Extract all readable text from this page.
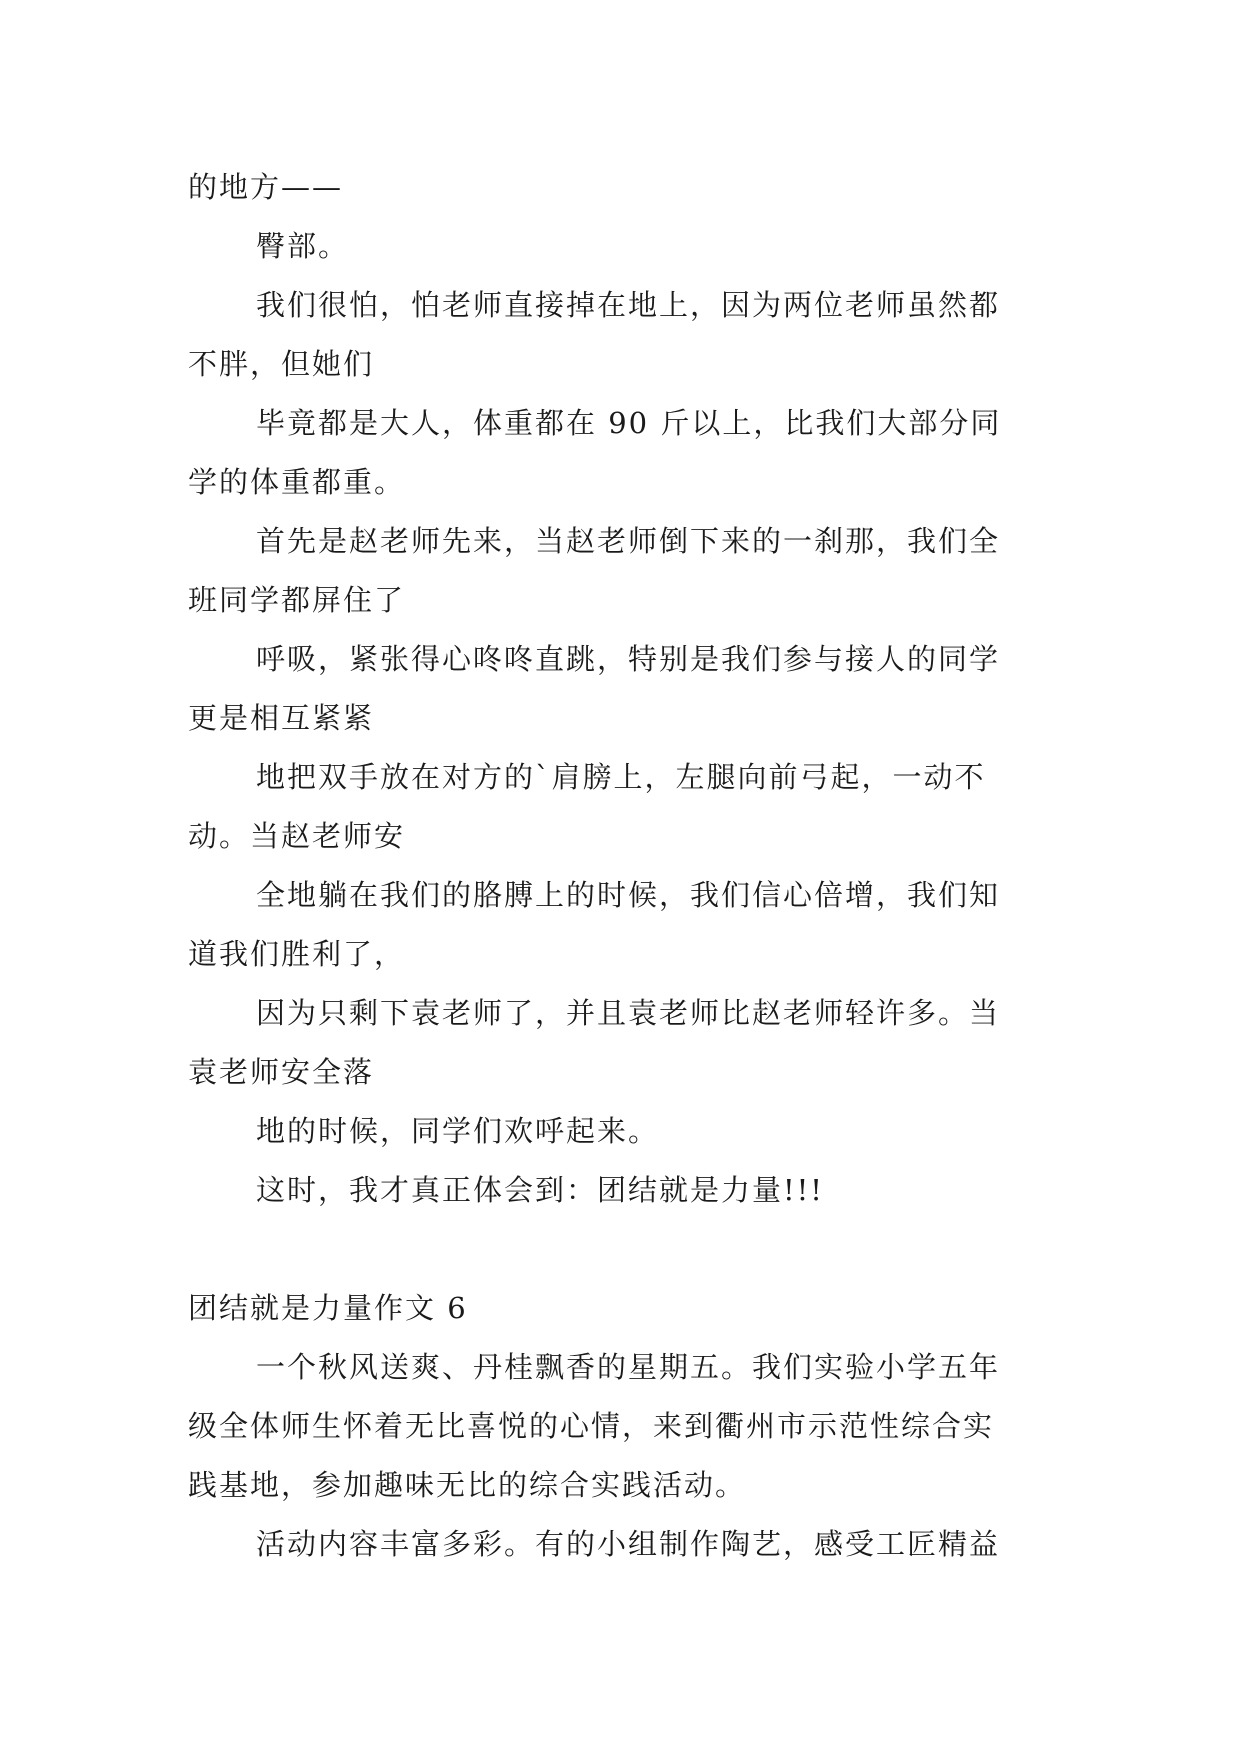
的地方——
臀部。
我们很怕，怕老师直接掉在地上，因为两位老师虽然都
不胖，但她们
毕竟都是大人，体重都在 90 斤以上，比我们大部分同
学的体重都重。
首先是赵老师先来，当赵老师倒下来的一刹那，我们全
班同学都屏住了
呼吸，紧张得心咚咚直跳，特别是我们参与接人的同学
更是相互紧紧
地把双手放在对方的`肩膀上，左腿向前弓起，一动不
动。当赵老师安
全地躺在我们的胳膊上的时候，我们信心倍增，我们知
道我们胜利了，
因为只剩下袁老师了，并且袁老师比赵老师轻许多。当
袁老师安全落
地的时候，同学们欢呼起来。
这时，我才真正体会到：团结就是力量!!!
团结就是力量作文 6
一个秋风送爽、丹桂飘香的星期五。我们实验小学五年
级全体师生怀着无比喜悦的心情，来到衢州市示范性综合实
践基地，参加趣味无比的综合实践活动。
活动内容丰富多彩。有的小组制作陶艺，感受工匠精益
